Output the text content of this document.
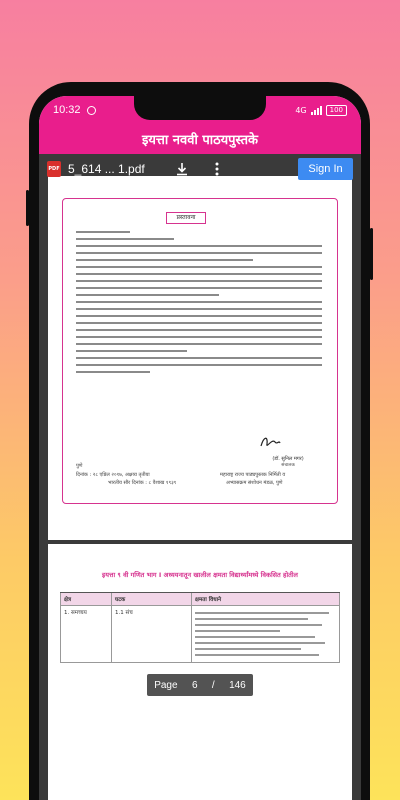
10:32	4G	100
इयत्ता नववी पाठयपुस्तके
PDF 5_614 ... 1.pdf	Sign In
प्रस्तावना
(डॉ. सुनिल मगर)
संचालक
पुणे
दिनांक : २८ एप्रिल २०१७, अक्षय्य तृतीया
भारतीय सौर दिनांक : ८ वैशाख १९३९
महाराष्ट्र राज्य पाठ्यपुस्तक निर्मिती व
अभ्यासक्रम संशोधन मंडळ, पुणे
इयत्ता ९ वी गणित भाग I अध्ययनातून खालील क्षमता विद्यार्थ्यांमध्ये विकसित होतील
क्षेत्र	घटक	क्षमता विधाने
1. समच्चय	1.1 संच
Page 6 / 146
